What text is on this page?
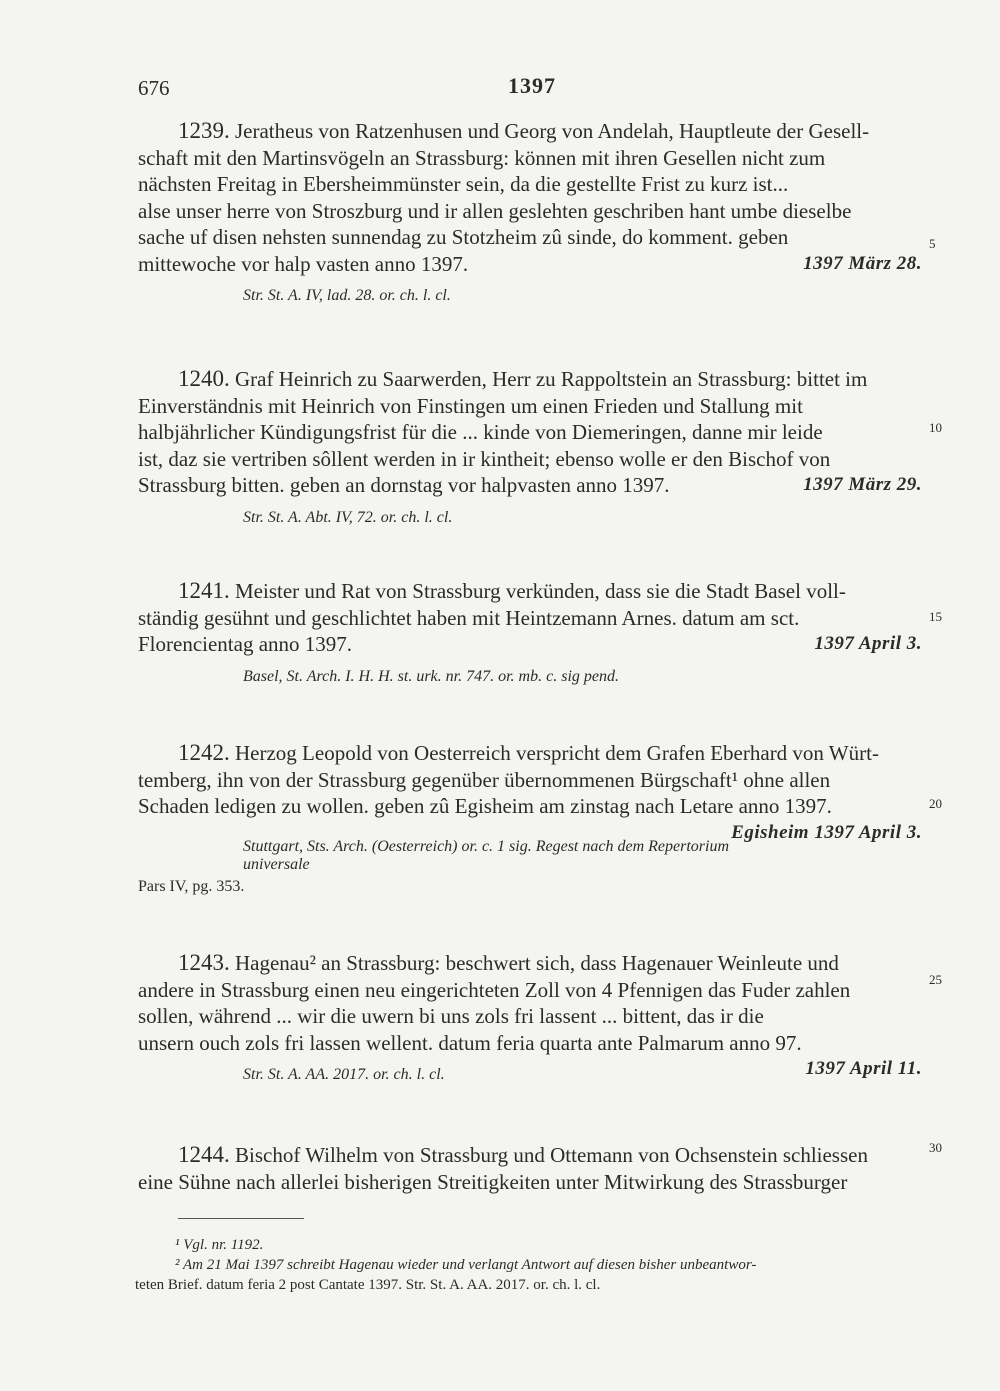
676	1397
1239. Jeratheus von Ratzenhusen und Georg von Andelah, Hauptleute der Gesell-
schaft mit den Martinsvögeln an Strassburg: können mit ihren Gesellen nicht zum
nächsten Freitag in Ebersheimmünster sein, da die gestellte Frist zu kurz ist...
alse unser herre von Stroszburg und ir allen geslehten geschriben hant umbe dieselbe
sache uf disen nehsten sunnendag zu Stotzheim zû sinde, do komment. geben
mittewoche vor halp vasten anno 1397.	1397 März 28.
Str. St. A. IV, lad. 28. or. ch. l. cl.
1240. Graf Heinrich zu Saarwerden, Herr zu Rappoltstein an Strassburg: bittet im
Einverständnis mit Heinrich von Finstingen um einen Frieden und Stallung mit
halbjährlicher Kündigungsfrist für die ... kinde von Diemeringen, danne mir leide
ist, daz sie vertriben sôllent werden in ir kintheit; ebenso wolle er den Bischof von
Strassburg bitten. geben an dornstag vor halpvasten anno 1397.	1397 März 29.
Str. St. A. Abt. IV, 72. or. ch. l. cl.
1241. Meister und Rat von Strassburg verkünden, dass sie die Stadt Basel voll-
ständig gesühnt und geschlichtet haben mit Heintzemann Arnes. datum am sct.
Florencientag anno 1397.	1397 April 3.
Basel, St. Arch. I. H. H. st. urk. nr. 747. or. mb. c. sig pend.
1242. Herzog Leopold von Oesterreich verspricht dem Grafen Eberhard von Würt-
temberg, ihn von der Strassburg gegenüber übernommenen Bürgschaft¹ ohne allen
Schaden ledigen zu wollen. geben zû Egisheim am zinstag nach Letare anno 1397.
Egisheim 1397 April 3.
Stuttgart, Sts. Arch. (Oesterreich) or. c. 1 sig. Regest nach dem Repertorium universale
Pars IV, pg. 353.
1243. Hagenau² an Strassburg: beschwert sich, dass Hagenauer Weinleute und
andere in Strassburg einen neu eingerichteten Zoll von 4 Pfennigen das Fuder zahlen
sollen, während ... wir die uwern bi uns zols fri lassent ... bittent, das ir die
unsern ouch zols fri lassen wellent. datum feria quarta ante Palmarum anno 97.
1397 April 11.
Str. St. A. AA. 2017. or. ch. l. cl.
1244. Bischof Wilhelm von Strassburg und Ottemann von Ochsenstein schliessen
eine Sühne nach allerlei bisherigen Streitigkeiten unter Mitwirkung des Strassburger
5
10
15
20
25
30
¹ Vgl. nr. 1192.
² Am 21 Mai 1397 schreibt Hagenau wieder und verlangt Antwort auf diesen bisher unbeantwor-
teten Brief. datum feria 2 post Cantate 1397. Str. St. A. AA. 2017. or. ch. l. cl.
